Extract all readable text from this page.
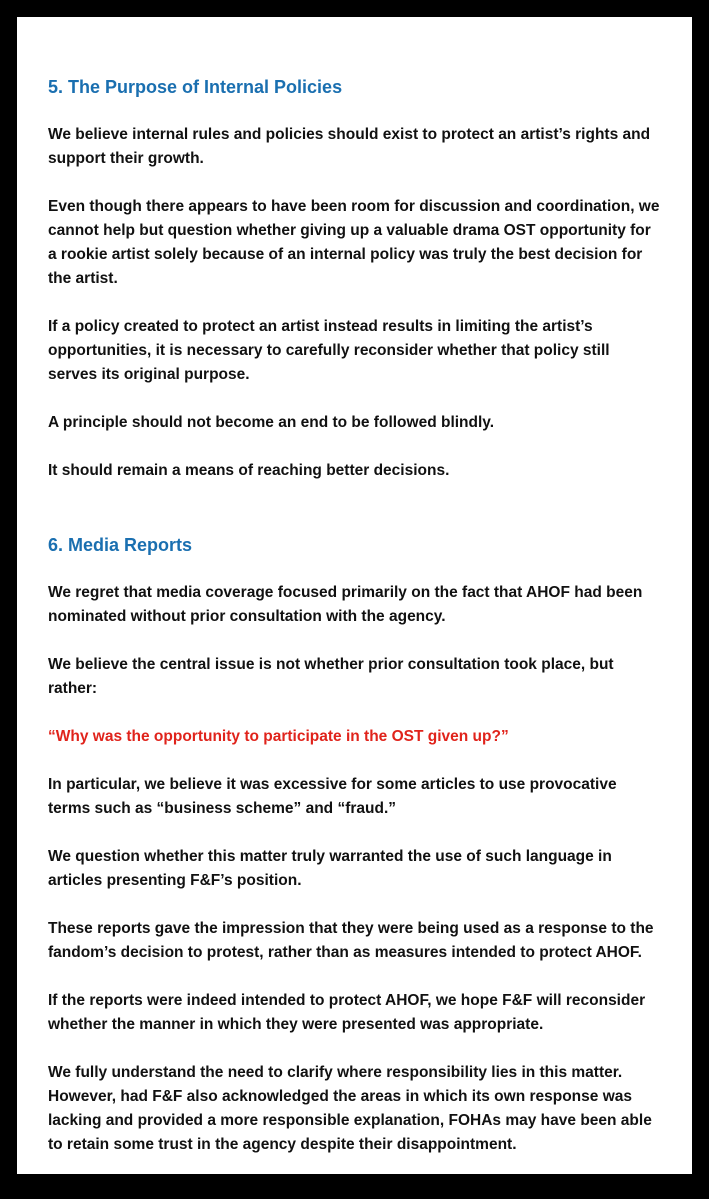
5. The Purpose of Internal Policies

We believe internal rules and policies should exist to protect an artist’s rights and support their growth.

Even though there appears to have been room for discussion and coordination, we cannot help but question whether giving up a valuable drama OST opportunity for a rookie artist solely because of an internal policy was truly the best decision for the artist.

If a policy created to protect an artist instead results in limiting the artist’s opportunities, it is necessary to carefully reconsider whether that policy still serves its original purpose.

A principle should not become an end to be followed blindly.

It should remain a means of reaching better decisions.

6. Media Reports

We regret that media coverage focused primarily on the fact that AHOF had been nominated without prior consultation with the agency.

We believe the central issue is not whether prior consultation took place, but rather:

“Why was the opportunity to participate in the OST given up?”

In particular, we believe it was excessive for some articles to use provocative terms such as “business scheme” and “fraud.”

We question whether this matter truly warranted the use of such language in articles presenting F&F’s position.

These reports gave the impression that they were being used as a response to the fandom’s decision to protest, rather than as measures intended to protect AHOF.

If the reports were indeed intended to protect AHOF, we hope F&F will reconsider whether the manner in which they were presented was appropriate.

We fully understand the need to clarify where responsibility lies in this matter. However, had F&F also acknowledged the areas in which its own response was lacking and provided a more responsible explanation, FOHAs may have been able to retain some trust in the agency despite their disappointment.
